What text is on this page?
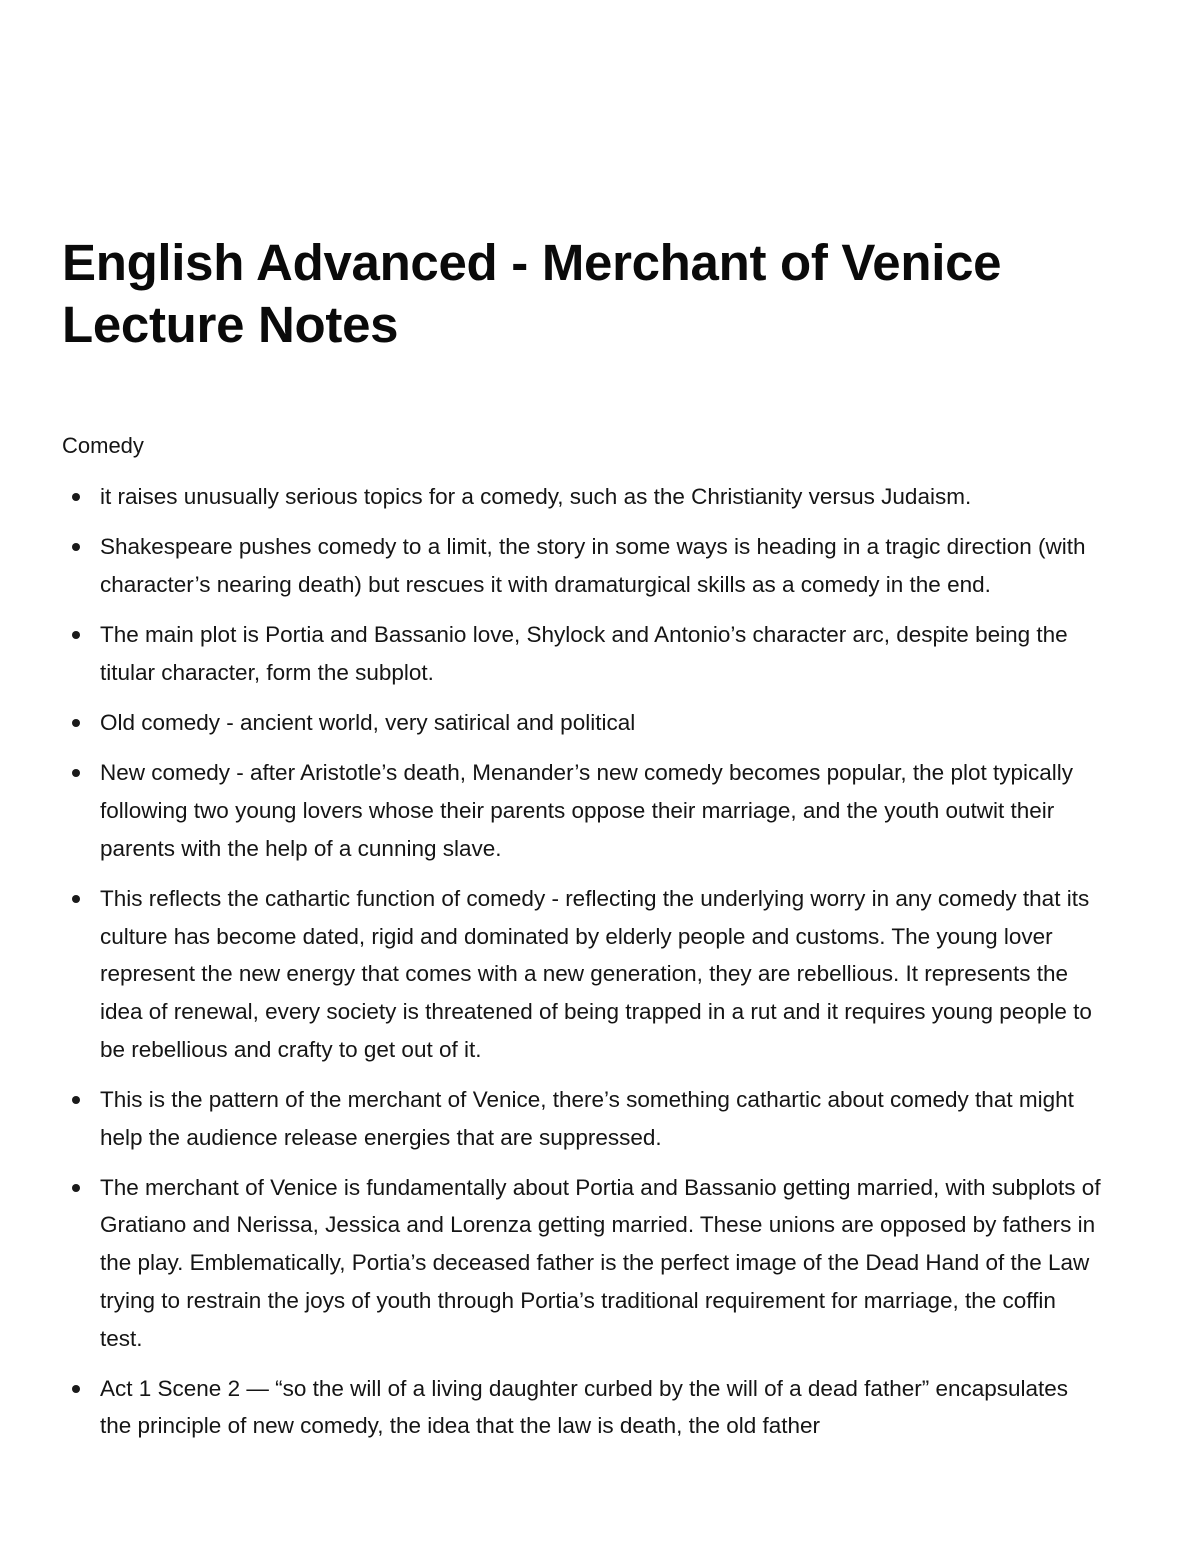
English Advanced - Merchant of Venice Lecture Notes
Comedy
it raises unusually serious topics for a comedy, such as the Christianity versus Judaism.
Shakespeare pushes comedy to a limit, the story in some ways is heading in a tragic direction (with character’s nearing death) but rescues it with dramaturgical skills as a comedy in the end.
The main plot is Portia and Bassanio love, Shylock and Antonio’s character arc, despite being the titular character, form the subplot.
Old comedy - ancient world, very satirical and political
New comedy - after Aristotle’s death, Menander’s new comedy becomes popular, the plot typically following two young lovers whose their parents oppose their marriage, and the youth outwit their parents with the help of a cunning slave.
This reflects the cathartic function of comedy - reflecting the underlying worry in any comedy that its culture has become dated, rigid and dominated by elderly people and customs. The young lover represent the new energy that comes with a new generation, they are rebellious. It represents the idea of renewal, every society is threatened of being trapped in a rut and it requires young people to be rebellious and crafty to get out of it.
This is the pattern of the merchant of Venice, there’s something cathartic about comedy that might help the audience release energies that are suppressed.
The merchant of Venice is fundamentally about Portia and Bassanio getting married, with subplots of Gratiano and Nerissa, Jessica and Lorenza getting married. These unions are opposed by fathers in the play. Emblematically, Portia’s deceased father is the perfect image of the Dead Hand of the Law trying to restrain the joys of youth through Portia’s traditional requirement for marriage, the coffin test.
Act 1 Scene 2 — “so the will of a living daughter curbed by the will of a dead father” encapsulates the principle of new comedy, the idea that the law is death, the old father
